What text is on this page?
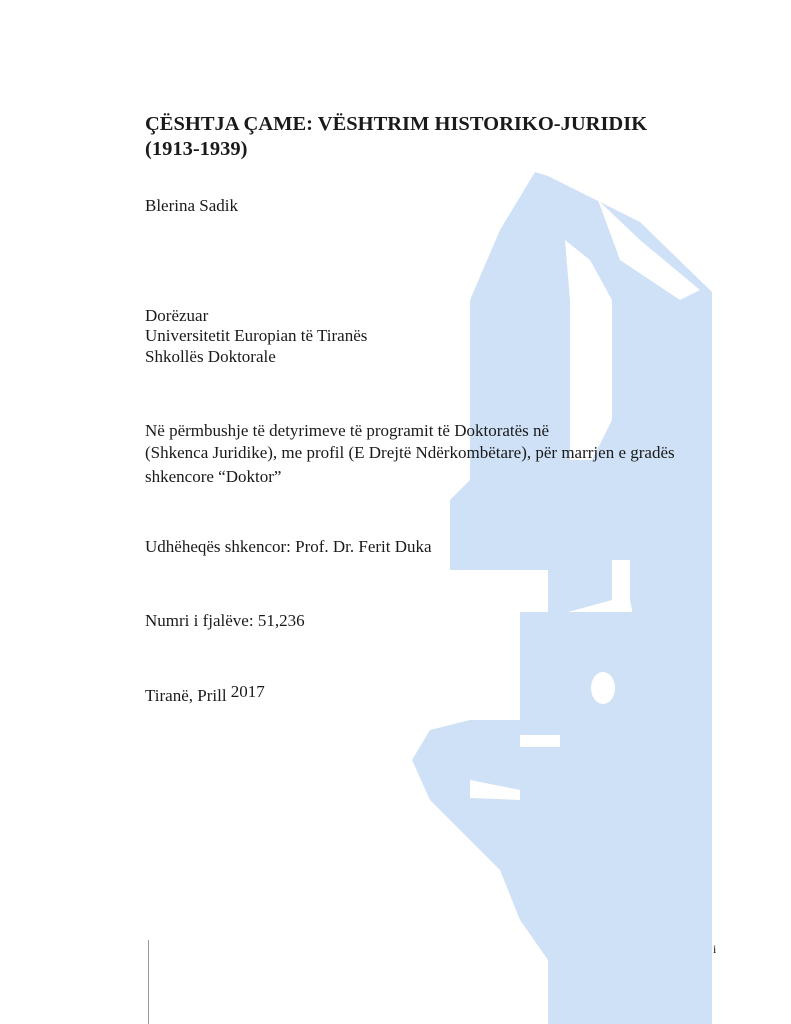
ÇËSHTJA ÇAME: VËSHTRIM HISTORIKO-JURIDIK (1913-1939)

Blerina Sadik

Dorëzuar

Universitetit Europian të Tiranës

Shkollës Doktorale

Në përmbushje të detyrimeve të programit të Doktoratës në

(Shkenca Juridike), me profil (E Drejtë Ndërkombëtare), për marrjen e gradës

shkencore “Doktor”

Udhëheqës shkencor: Prof. Dr. Ferit Duka

Numri i fjalëve: 51,236

Tiranë, Prill 2017

i
